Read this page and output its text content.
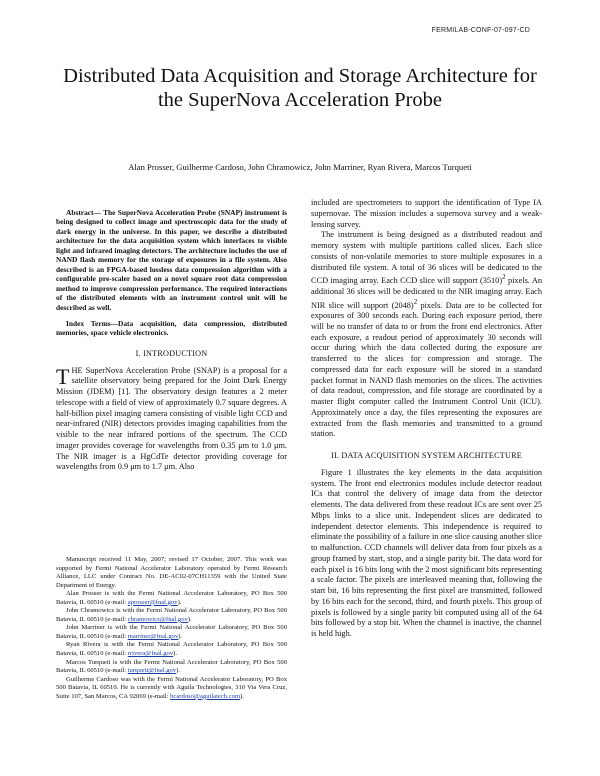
FERMILAB-CONF-07-097-CD
Distributed Data Acquisition and Storage Architecture for the SuperNova Acceleration Probe
Alan Prosser, Guilherme Cardoso, John Chramowicz, John Marriner, Ryan Rivera, Marcos Turqueti

Abstract— The SuperNova Acceleration Probe (SNAP) instrument is being designed to collect image and spectroscopic data for the study of dark energy in the universe. In this paper, we describe a distributed architecture for the data acquisition system which interfaces to visible light and infrared imaging detectors. The architecture includes the use of NAND flash memory for the storage of exposures in a file system. Also described is an FPGA-based lossless data compression algorithm with a configurable pre-scaler based on a novel square root data compression method to improve compression performance. The required interactions of the distributed elements with an instrument control unit will be described as well.

Index Terms—Data acquisition, data compression, distributed memories, space vehicle electronics.

I. INTRODUCTION

THE SuperNova Acceleration Probe (SNAP) is a proposal for a satellite observatory being prepared for the Joint Dark Energy Mission (JDEM) [1]. The observatory design features a 2 meter telescope with a field of view of approximately 0.7 square degrees. A half-billion pixel imaging camera consisting of visible light CCD and near-infrared (NIR) detectors provides imaging capabilities from the visible to the near infrared portions of the spectrum. The CCD imager provides coverage for wavelengths from 0.35 μm to 1.0 μm. The NIR imager is a HgCdTe detector providing coverage for wavelengths from 0.9 μm to 1.7 μm. Also

Manuscript received 11 May, 2007; revised 17 October, 2007. This work was supported by Fermi National Accelerator Laboratory operated by Fermi Research Alliance, LLC under Contract No. DE-AC02-07CH11359 with the United State Department of Energy.

Alan Prosser is with the Fermi National Accelerator Laboratory, PO Box 500 Batavia, IL 60510 (e-mail: aprosser@fnal.gov).

John Chramowicz is with the Fermi National Accelerator Laboratory, PO Box 500 Batavia, IL 60510 (e-mail: chramowicz@fnal.gov).

John Marriner is with the Fermi National Accelerator Laboratory, PO Box 500 Batavia, IL 60510 (e-mail: marriner@fnal.gov).

Ryan Rivera is with the Fermi National Accelerator Laboratory, PO Box 500 Batavia, IL 60510 (e-mail: rrivera@fnal.gov).

Marcos Turqueti is with the Fermi National Accelerator Laboratory, PO Box 500 Batavia, IL 60510 (e-mail: turqueti@fnal.gov).

Guilherme Cardoso was with the Fermi National Accelerator Laboratory, PO Box 500 Batavia, IL 60510. He is currently with Aguila Technologies, 310 Via Vera Cruz, Suite 107, San Marcos, CA 92069 (e-mail: bcardoso@aguilatech.com).

included are spectrometers to support the identification of Type IA supernovae. The mission includes a supernova survey and a weak-lensing survey.

The instrument is being designed as a distributed readout and memory system with multiple partitions called slices. Each slice consists of non-volatile memories to store multiple exposures in a distributed file system. A total of 36 slices will be dedicated to the CCD imaging array. Each CCD slice will support $(3510)^2$ pixels. An additional 36 slices will be dedicated to the NIR imaging array. Each NIR slice will support $(2048)^2$ pixels. Data are to be collected for exposures of 300 seconds each. During each exposure period, there will be no transfer of data to or from the front end electronics. After each exposure, a readout period of approximately 30 seconds will occur during which the data collected during the exposure are transferred to the slices for compression and storage. The compressed data for each exposure will be stored in a standard packet format in NAND flash memories on the slices. The activities of data readout, compression, and file storage are coordinated by a master flight computer called the Instrument Control Unit (ICU). Approximately once a day, the files representing the exposures are extracted from the flash memories and transmitted to a ground station.

II. DATA ACQUISITION SYSTEM ARCHITECTURE

Figure 1 illustrates the key elements in the data acquisition system. The front end electronics modules include detector readout ICs that control the delivery of image data from the detector elements. The data delivered from these readout ICs are sent over 25 Mbps links to a slice unit. Independent slices are dedicated to independent detector elements. This independence is required to eliminate the possibility of a failure in one slice causing another slice to malfunction. CCD channels will deliver data from four pixels as a group framed by start, stop, and a single parity bit. The data word for each pixel is 16 bits long with the 2 most significant bits representing a scale factor. The pixels are interleaved meaning that, following the start bit, 16 bits representing the first pixel are transmitted, followed by 16 bits each for the second, third, and fourth pixels. This group of pixels is followed by a single parity bit computed using all of the 64 bits followed by a stop bit. When the channel is inactive, the channel is held high.
